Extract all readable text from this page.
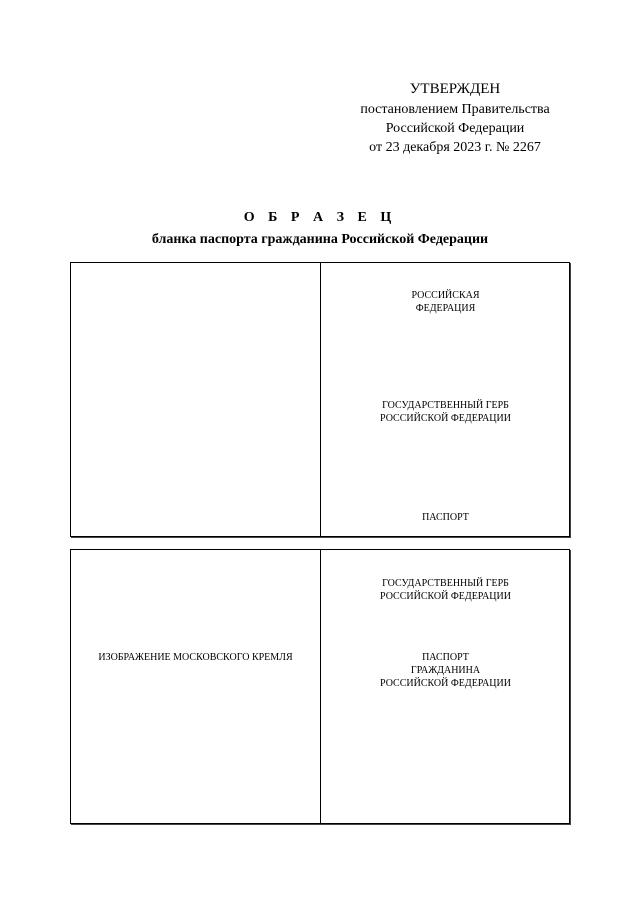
УТВЕРЖДЕН
постановлением Правительства
Российской Федерации
от 23 декабря 2023 г. № 2267
О Б Р А З Е Ц
бланка паспорта гражданина Российской Федерации
РОССИЙСКАЯ
ФЕДЕРАЦИЯ
ГОСУДАРСТВЕННЫЙ ГЕРБ
РОССИЙСКОЙ ФЕДЕРАЦИИ
ПАСПОРТ
ИЗОБРАЖЕНИЕ МОСКОВСКОГО КРЕМЛЯ
ГОСУДАРСТВЕННЫЙ ГЕРБ
РОССИЙСКОЙ ФЕДЕРАЦИИ
ПАСПОРТ
ГРАЖДАНИНА
РОССИЙСКОЙ ФЕДЕРАЦИИ
